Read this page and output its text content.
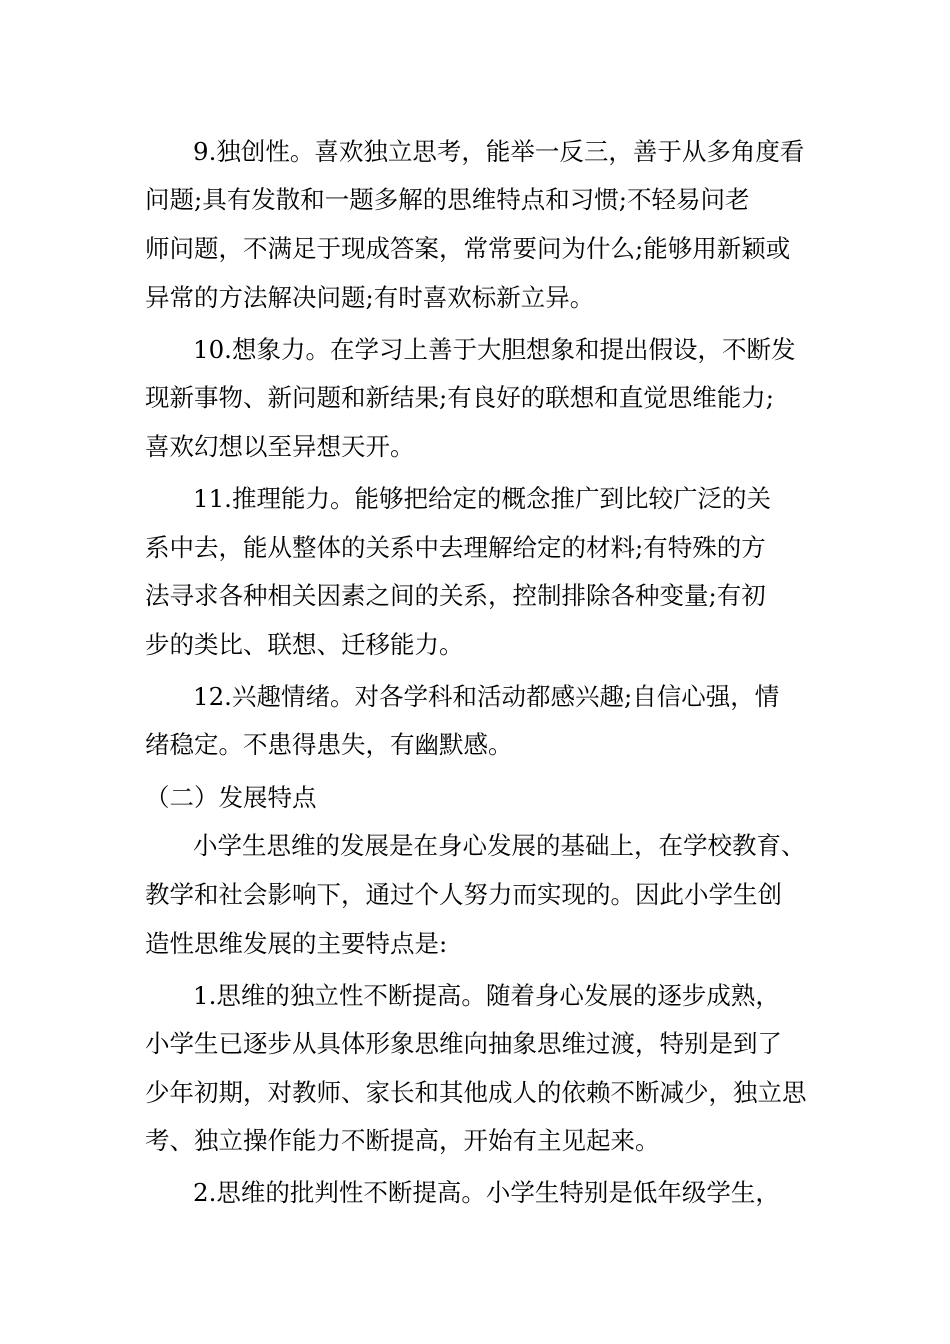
9.独创性。喜欢独立思考，能举一反三，善于从多角度看

问题;具有发散和一题多解的思维特点和习惯;不轻易问老

师问题，不满足于现成答案，常常要问为什么;能够用新颖或

异常的方法解决问题;有时喜欢标新立异。

10.想象力。在学习上善于大胆想象和提出假设，不断发

现新事物、新问题和新结果;有良好的联想和直觉思维能力;

喜欢幻想以至异想天开。

11.推理能力。能够把给定的概念推广到比较广泛的关

系中去，能从整体的关系中去理解给定的材料;有特殊的方

法寻求各种相关因素之间的关系，控制排除各种变量;有初

步的类比、联想、迁移能力。

12.兴趣情绪。对各学科和活动都感兴趣;自信心强，情

绪稳定。不患得患失，有幽默感。

（二）发展特点

小学生思维的发展是在身心发展的基础上，在学校教育、

教学和社会影响下，通过个人努力而实现的。因此小学生创

造性思维发展的主要特点是:

1.思维的独立性不断提高。随着身心发展的逐步成熟，

小学生已逐步从具体形象思维向抽象思维过渡，特别是到了

少年初期，对教师、家长和其他成人的依赖不断减少，独立思

考、独立操作能力不断提高，开始有主见起来。

2.思维的批判性不断提高。小学生特别是低年级学生，
